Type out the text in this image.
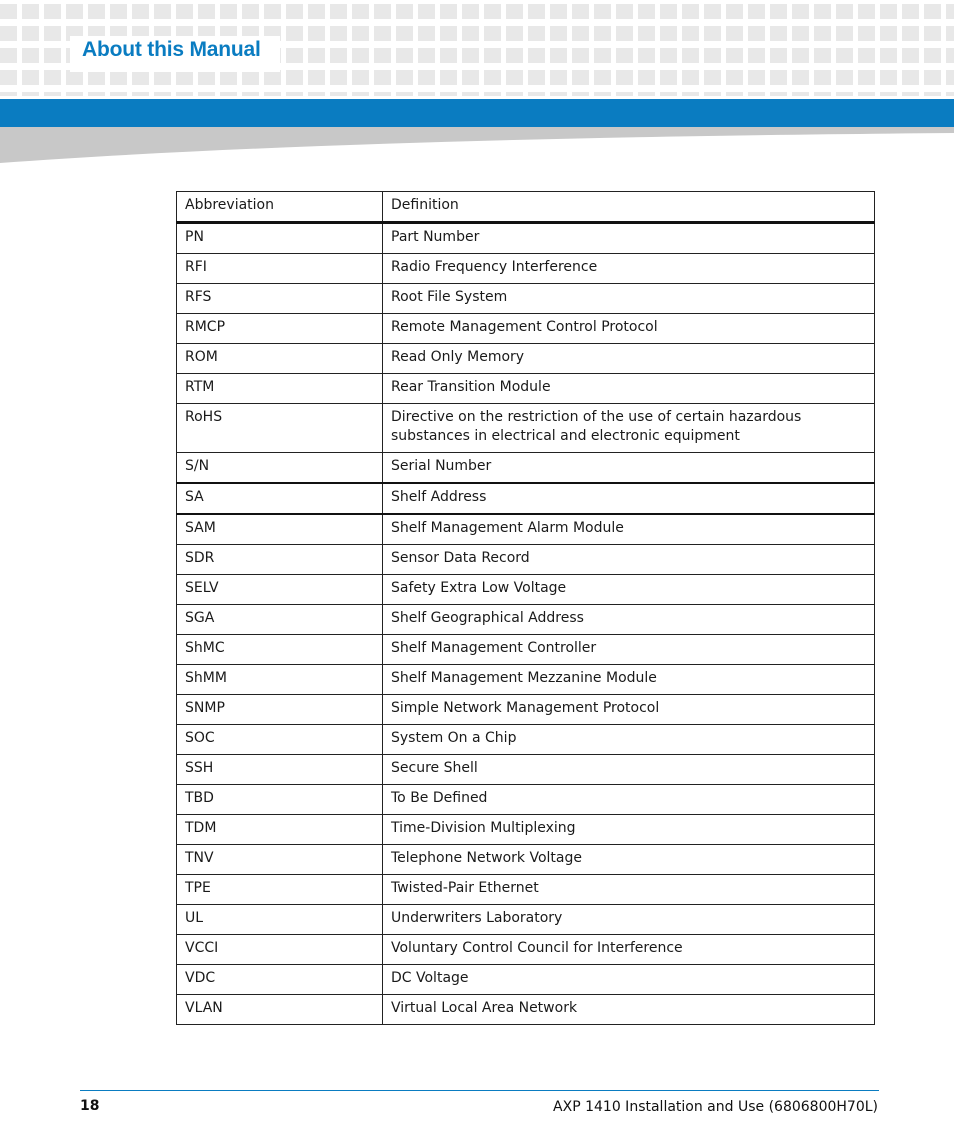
About this Manual
Abbreviation	Definition
PN	Part Number
RFI	Radio Frequency Interference
RFS	Root File System
RMCP	Remote Management Control Protocol
ROM	Read Only Memory
RTM	Rear Transition Module
RoHS	Directive on the restriction of the use of certain hazardous substances in electrical and electronic equipment
S/N	Serial Number
SA	Shelf Address
SAM	Shelf Management Alarm Module
SDR	Sensor Data Record
SELV	Safety Extra Low Voltage
SGA	Shelf Geographical Address
ShMC	Shelf Management Controller
ShMM	Shelf Management Mezzanine Module
SNMP	Simple Network Management Protocol
SOC	System On a Chip
SSH	Secure Shell
TBD	To Be Defined
TDM	Time-Division Multiplexing
TNV	Telephone Network Voltage
TPE	Twisted-Pair Ethernet
UL	Underwriters Laboratory
VCCI	Voluntary Control Council for Interference
VDC	DC Voltage
VLAN	Virtual Local Area Network
18	AXP 1410 Installation and Use (6806800H70L)
